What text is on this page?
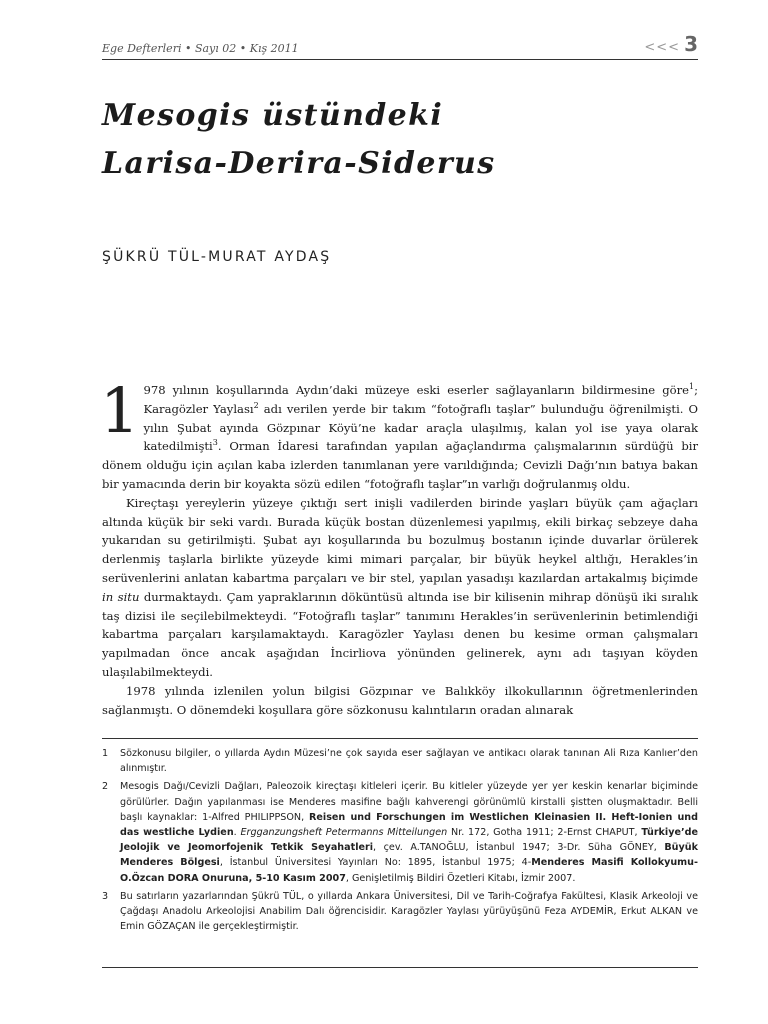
Ege Defterleri • Sayı 02 • Kış 2011	<<< 3
Mesogis üstündeki
Larisa-Derira-Siderus
ŞÜKRÜ TÜL-MURAT AYDAŞ

1 978 yılının koşullarında Aydın’daki müzeye eski eserler sağlayanların bildirmesine göre$^1$; Karagözler Yaylası$^2$ adı verilen yerde bir takım “fotoğraflı taşlar” bulunduğu öğrenilmişti. O yılın Şubat ayında Gözpınar Köyü’ne kadar araçla ulaşılmış, kalan yol ise yaya olarak katedilmişti$^3$. Orman İdaresi tarafından yapılan ağaçlandırma çalışmalarının sürdüğü bir dönem olduğu için açılan kaba izlerden tanımlanan yere varıldığında; Cevizli Dağı’nın batıya bakan bir yamacında derin bir koyakta sözü edilen “fotoğraflı taşlar”ın varlığı doğrulanmış oldu.

Kireçtaşı yereylerin yüzeye çıktığı sert inişli vadilerden birinde yaşları büyük çam ağaçları altında küçük bir seki vardı. Burada küçük bostan düzenlemesi yapılmış, ekili birkaç sebzeye daha yukarıdan su getirilmişti. Şubat ayı koşullarında bu bozulmuş bostanın içinde duvarlar örülerek derlenmiş taşlarla birlikte yüzeyde kimi mimari parçalar, bir büyük heykel altlığı, Herakles’in serüvenlerini anlatan kabartma parçaları ve bir stel, yapılan yasadışı kazılardan artakalmış biçimde in situ durmaktaydı. Çam yapraklarının döküntüsü altında ise bir kilisenin mihrap dönüşü iki sıralık taş dizisi ile seçilebilmekteydi. “Fotoğraflı taşlar” tanımını Herakles’in serüvenlerinin betimlendiği kabartma parçaları karşılamaktaydı. Karagözler Yaylası denen bu kesime orman çalışmaları yapılmadan önce ancak aşağıdan İncirliova yönünden gelinerek, aynı adı taşıyan köyden ulaşılabilmekteydi.

1978 yılında izlenilen yolun bilgisi Gözpınar ve Balıkköy ilkokullarının öğretmenlerinden sağlanmıştı. O dönemdeki koşullara göre sözkonusu kalıntıların oradan alınarak

1 Sözkonusu bilgiler, o yıllarda Aydın Müzesi’ne çok sayıda eser sağlayan ve antikacı olarak tanınan Ali Rıza Kanlıer’den alınmıştır.
2 Mesogis Dağı/Cevizli Dağları, Paleozoik kireçtaşı kitleleri içerir. Bu kitleler yüzeyde yer yer keskin kenarlar biçiminde görülürler. Dağın yapılanması ise Menderes masifine bağlı kahverengi görünümlü kirstalli şistten oluşmaktadır. Belli başlı kaynaklar: 1-Alfred PHILIPPSON, Reisen und Forschungen im Westlichen Kleinasien II. Heft-Ionien und das westliche Lydien. Ergganzungsheft Petermanns Mitteilungen Nr. 172, Gotha 1911; 2-Ernst CHAPUT, Türkiye’de Jeolojik ve Jeomorfojenik Tetkik Seyahatleri, çev. A.TANOĞLU, İstanbul 1947; 3-Dr. Süha GÖNEY, Büyük Menderes Bölgesi, İstanbul Üniversitesi Yayınları No: 1895, İstanbul 1975; 4-Menderes Masifi Kollokyumu-O.Özcan DORA Onuruna, 5-10 Kasım 2007, Genişletilmiş Bildiri Özetleri Kitabı, İzmir 2007.
3 Bu satırların yazarlarından Şükrü TÜL, o yıllarda Ankara Üniversitesi, Dil ve Tarih-Coğrafya Fakültesi, Klasik Arkeoloji ve Çağdaşı Anadolu Arkeolojisi Anabilim Dalı öğrencisidir. Karagözler Yaylası yürüyüşünü Feza AYDEMİR, Erkut ALKAN ve Emin GÖZAÇAN ile gerçekleştirmiştir.
